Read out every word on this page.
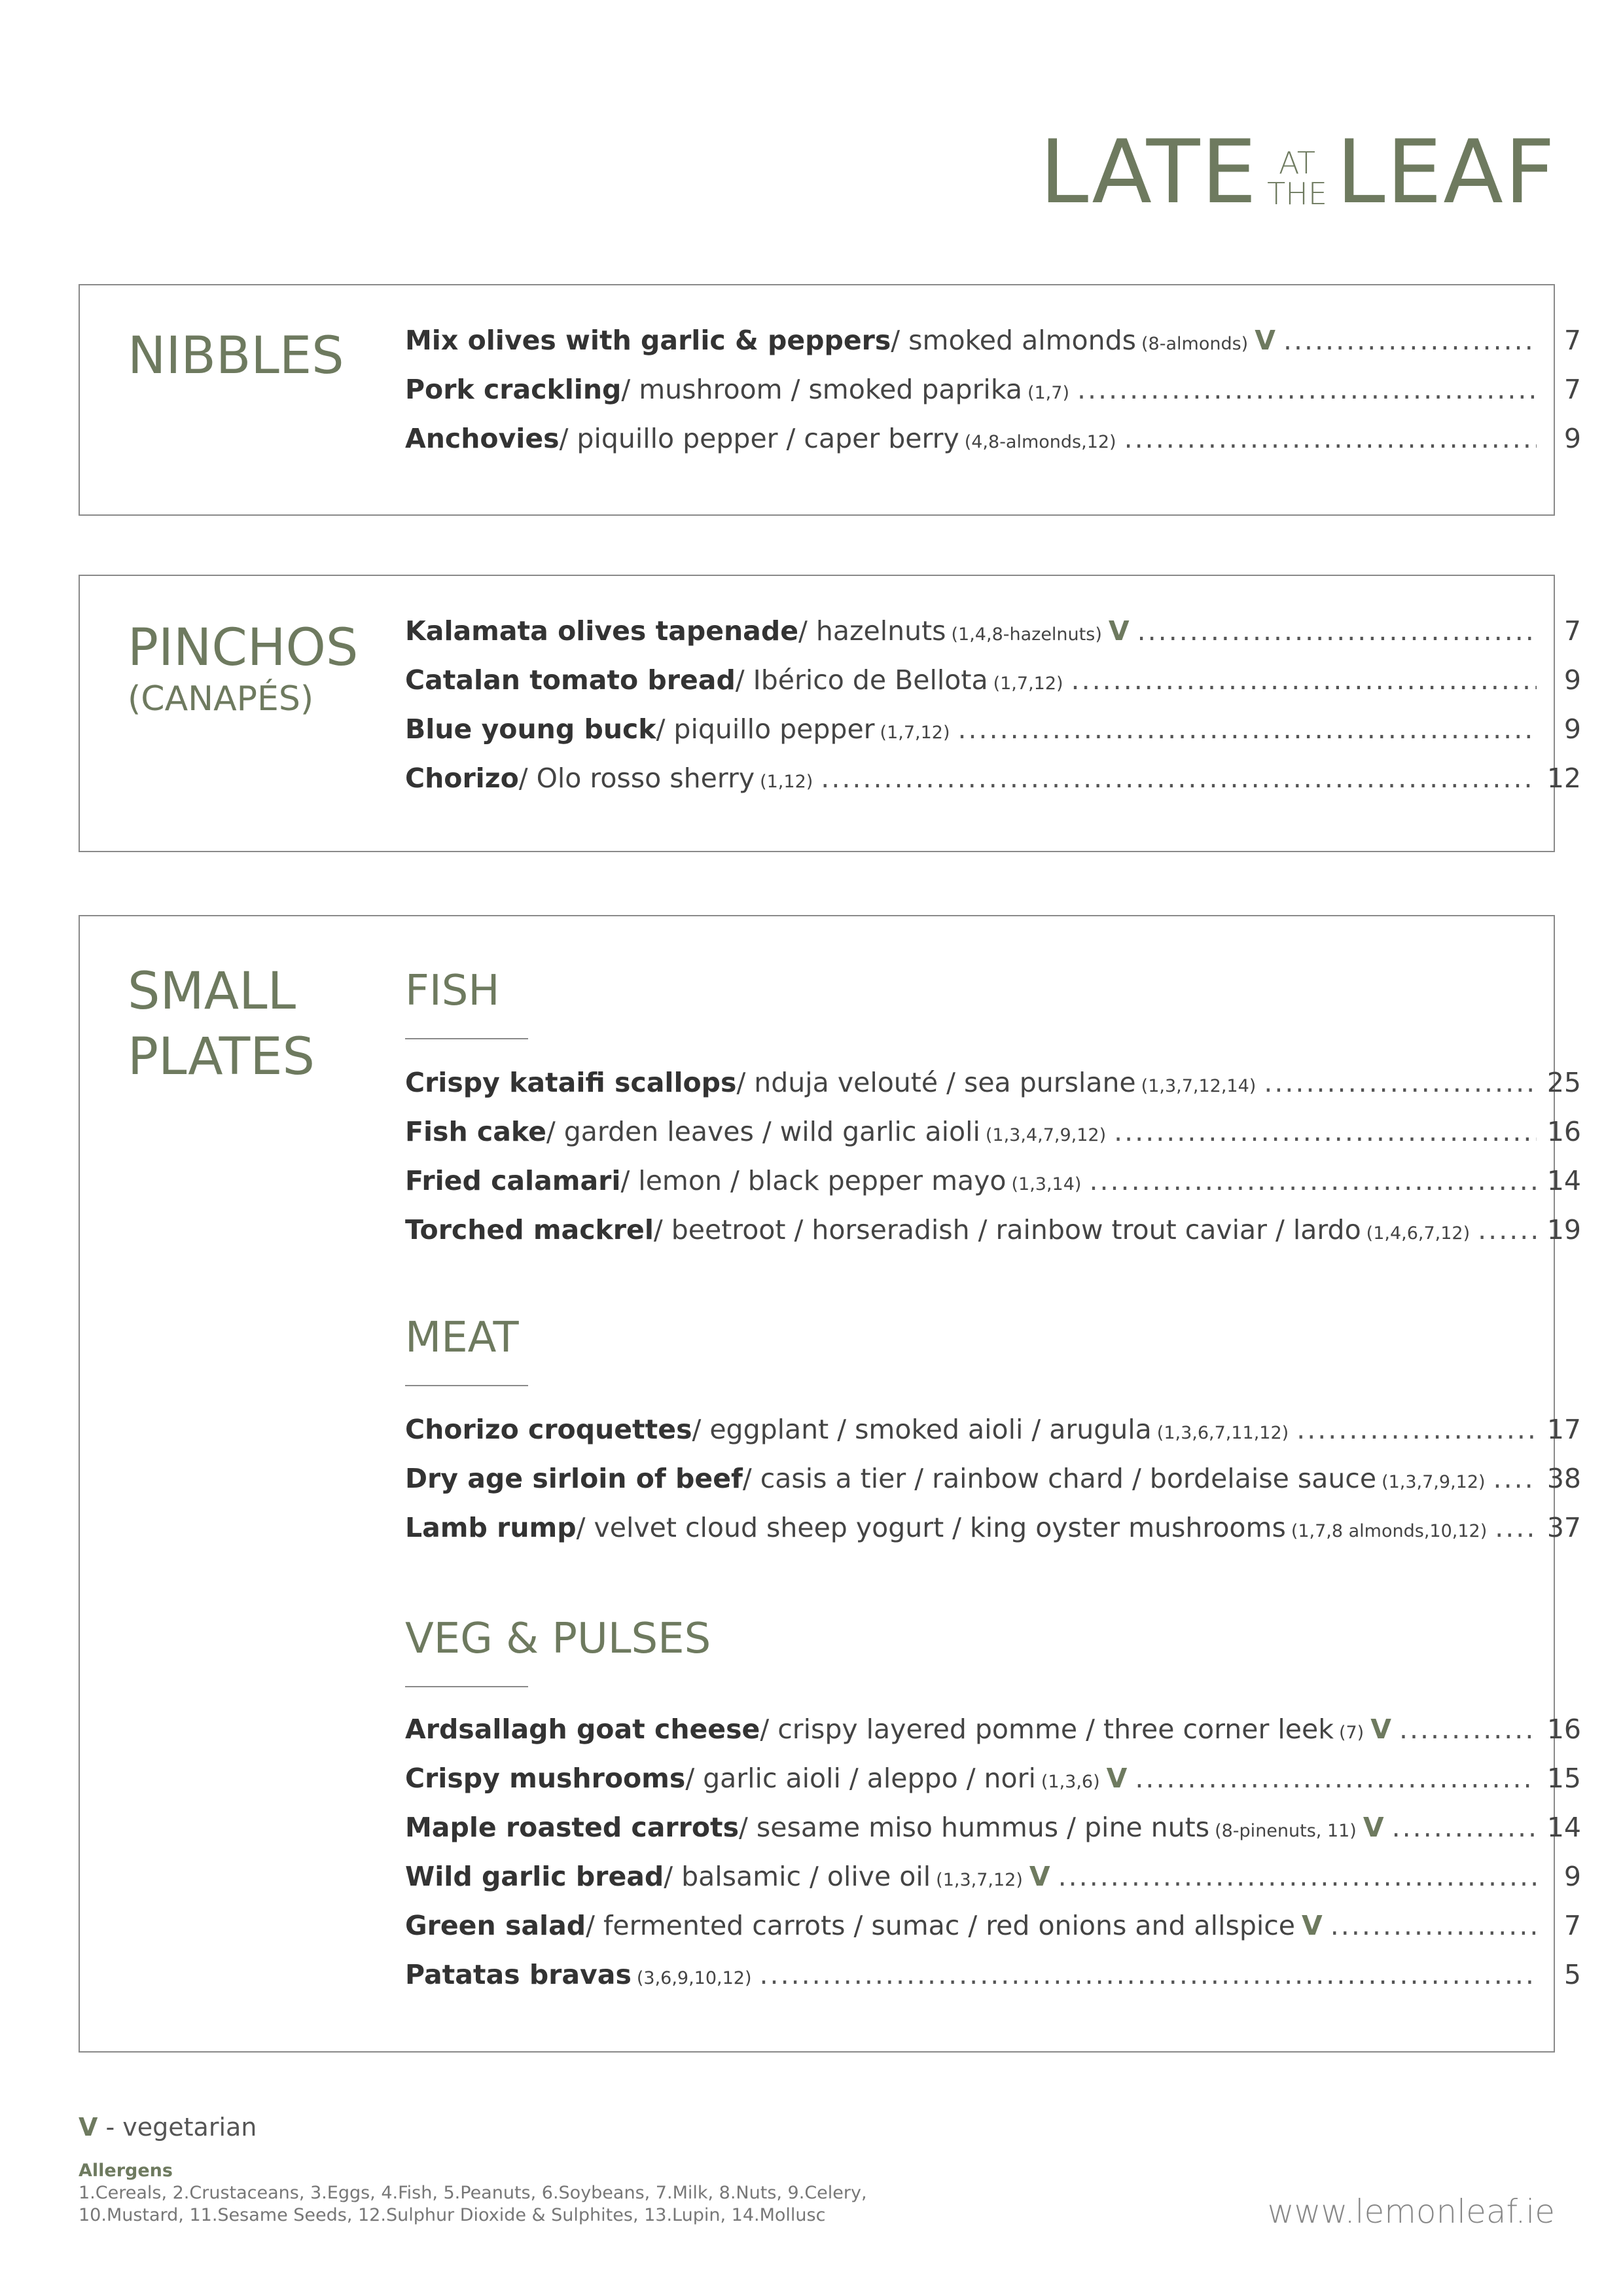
LATE AT
THE LEAF
NIBBLES Mix olives with garlic & peppers / smoked almonds (8-almonds) V .....	7
Pork crackling / mushroom / smoked paprika (1,7) .....	7
Anchovies / piquillo pepper / caper berry (4,8-almonds,12) .....	9
PINCHOS
(CANAPÉS)
Kalamata olives tapenade / hazelnuts (1,4,8-hazelnuts) V .....	7
Catalan tomato bread / Ibérico de Bellota (1,7,12) .....	9
Blue young buck / piquillo pepper (1,7,12) .....	9
Chorizo / Olo rosso sherry (1,12) .....	12
SMALL
PLATES
FISH
Crispy kataifi scallops / nduja velouté / sea purslane (1,3,7,12,14) .....	25
Fish cake / garden leaves / wild garlic aioli (1,3,4,7,9,12) .....	16
Fried calamari / lemon / black pepper mayo (1,3,14) .....	14
Torched mackrel / beetroot / horseradish / rainbow trout caviar / lardo (1,4,6,7,12) .....	19
MEAT
Chorizo croquettes / eggplant / smoked aioli / arugula (1,3,6,7,11,12) .....	17
Dry age sirloin of beef / casis a tier / rainbow chard / bordelaise sauce (1,3,7,9,12) ..... 38
Lamb rump / velvet cloud sheep yogurt / king oyster mushrooms (1,7,8 almonds,10,12) ..... 37
VEG & PULSES
Ardsallagh goat cheese / crispy layered pomme / three corner leek (7) V .....	16
Crispy mushrooms / garlic aioli / aleppo / nori (1,3,6) V .....	15
Maple roasted carrots / sesame miso hummus / pine nuts (8-pinenuts, 11) V .....	14
Wild garlic bread / balsamic / olive oil (1,3,7,12) V .....	9
Green salad / fermented carrots / sumac / red onions and allspice V .....	7
Patatas bravas (3,6,9,10,12) .....	5
V - vegetarian
Allergens
1.Cereals, 2.Crustaceans, 3.Eggs, 4.Fish, 5.Peanuts, 6.Soybeans, 7.Milk, 8.Nuts, 9.Celery,
10.Mustard, 11.Sesame Seeds, 12.Sulphur Dioxide & Sulphites, 13.Lupin, 14.Mollusc	www.lemonleaf.ie
